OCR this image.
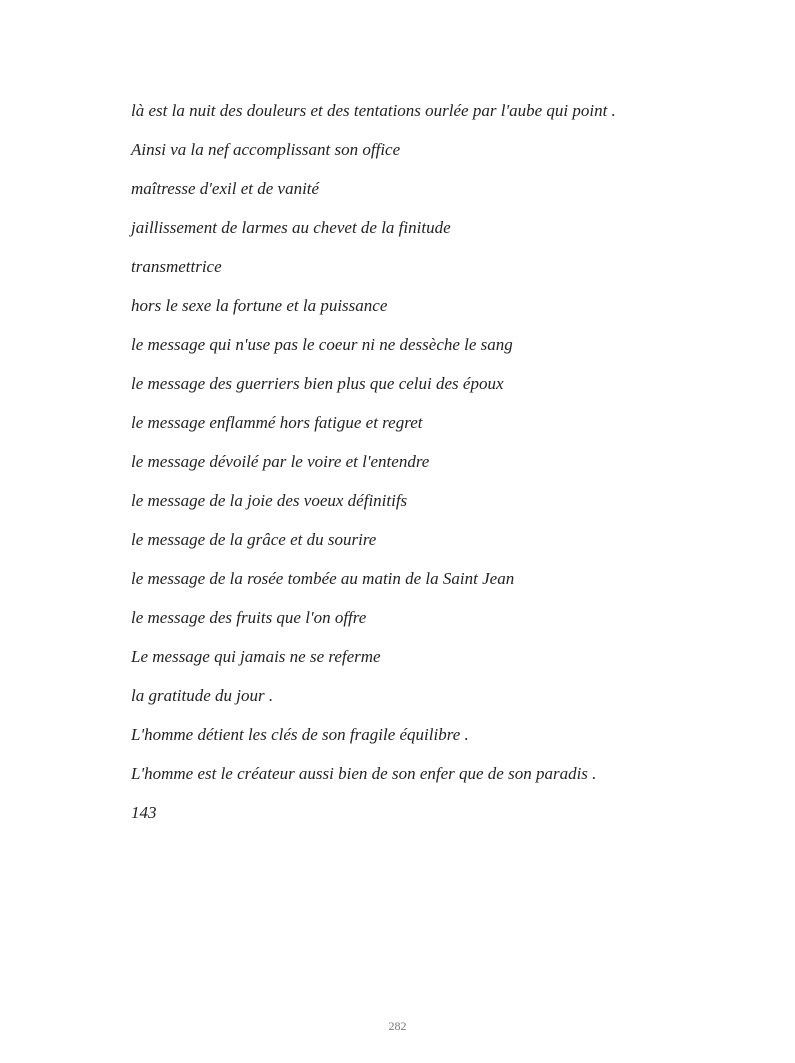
là est la nuit des douleurs et des tentations ourlée par l'aube qui point .

Ainsi va la nef accomplissant son office

maîtresse d'exil et de vanité

jaillissement de larmes au chevet de la finitude

transmettrice

hors le sexe la fortune et la puissance

le message qui n'use pas le coeur ni ne dessèche le sang

le message des guerriers bien plus que celui des époux

le message enflammé hors fatigue et regret

le message dévoilé par le voire et l'entendre

le message de la joie des voeux définitifs

le message de la grâce et du sourire

le message de la rosée tombée au matin de la Saint Jean

le message des fruits que l'on offre

Le message qui jamais ne se referme

la gratitude du jour .

L'homme détient les clés de son fragile équilibre .

L'homme est le créateur aussi bien de son enfer que de son paradis .

143

282
